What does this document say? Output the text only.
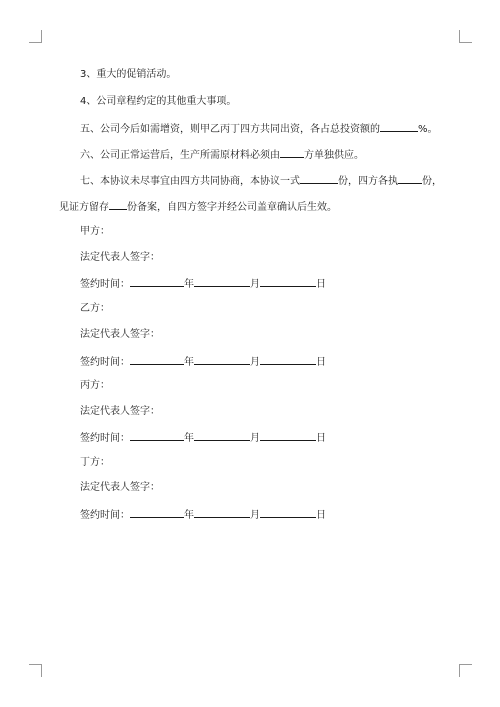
3、重大的促销活动。
4、公司章程约定的其他重大事项。
五、公司今后如需增资，则甲乙丙丁四方共同出资，各占总投资额的	%。
六、公司正常运营后，生产所需原材料必须由 方单独供应。
七、本协议未尽事宜由四方共同协商，本协议一式	份，四方各执 份，
见证方留存 份备案，自四方签字并经公司盖章确认后生效。
甲方：
法定代表人签字：
签约时间：	年	月	日
乙方：
法定代表人签字：
签约时间：	年	月	日
丙方：
法定代表人签字：
签约时间：	年	月	日
丁方：
法定代表人签字：
签约时间：	年	月	日
